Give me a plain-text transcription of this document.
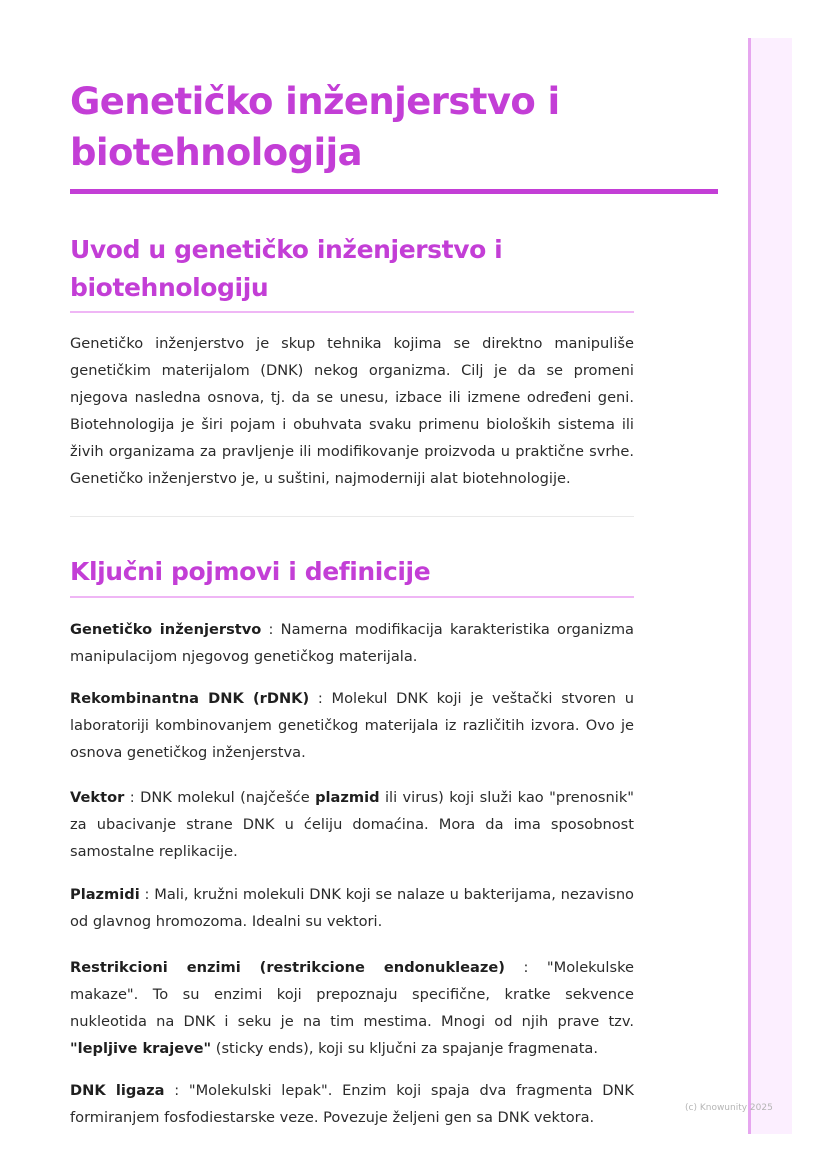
Genetičko inženjerstvo i biotehnologija
Uvod u genetičko inženjerstvo i biotehnologiju

Genetičko inženjerstvo je skup tehnika kojima se direktno manipuliše genetičkim materijalom (DNK) nekog organizma. Cilj je da se promeni njegova nasledna osnova, tj. da se unesu, izbace ili izmene određeni geni. Biotehnologija je širi pojam i obuhvata svaku primenu bioloških sistema ili živih organizama za pravljenje ili modifikovanje proizvoda u praktične svrhe. Genetičko inženjerstvo je, u suštini, najmoderniji alat biotehnologije.

Ključni pojmovi i definicije

Genetičko inženjerstvo : Namerna modifikacija karakteristika organizma manipulacijom njegovog genetičkog materijala.

Rekombinantna DNK (rDNK) : Molekul DNK koji je veštački stvoren u laboratoriji kombinovanjem genetičkog materijala iz različitih izvora. Ovo je osnova genetičkog inženjerstva.

Vektor : DNK molekul (najčešće plazmid ili virus) koji služi kao "prenosnik" za ubacivanje strane DNK u ćeliju domaćina. Mora da ima sposobnost samostalne replikacije.

Plazmidi : Mali, kružni molekuli DNK koji se nalaze u bakterijama, nezavisno od glavnog hromozoma. Idealni su vektori.

Restrikcioni enzimi (restrikcione endonukleaze) : "Molekulske makaze". To su enzimi koji prepoznaju specifične, kratke sekvence nukleotida na DNK i seku je na tim mestima. Mnogi od njih prave tzv. "lepljive krajeve" (sticky ends), koji su ključni za spajanje fragmenata.

DNK ligaza : "Molekulski lepak". Enzim koji spaja dva fragmenta DNK formiranjem fosfodiestarske veze. Povezuje željeni gen sa DNK vektora.

(c) Knowunity 2025
